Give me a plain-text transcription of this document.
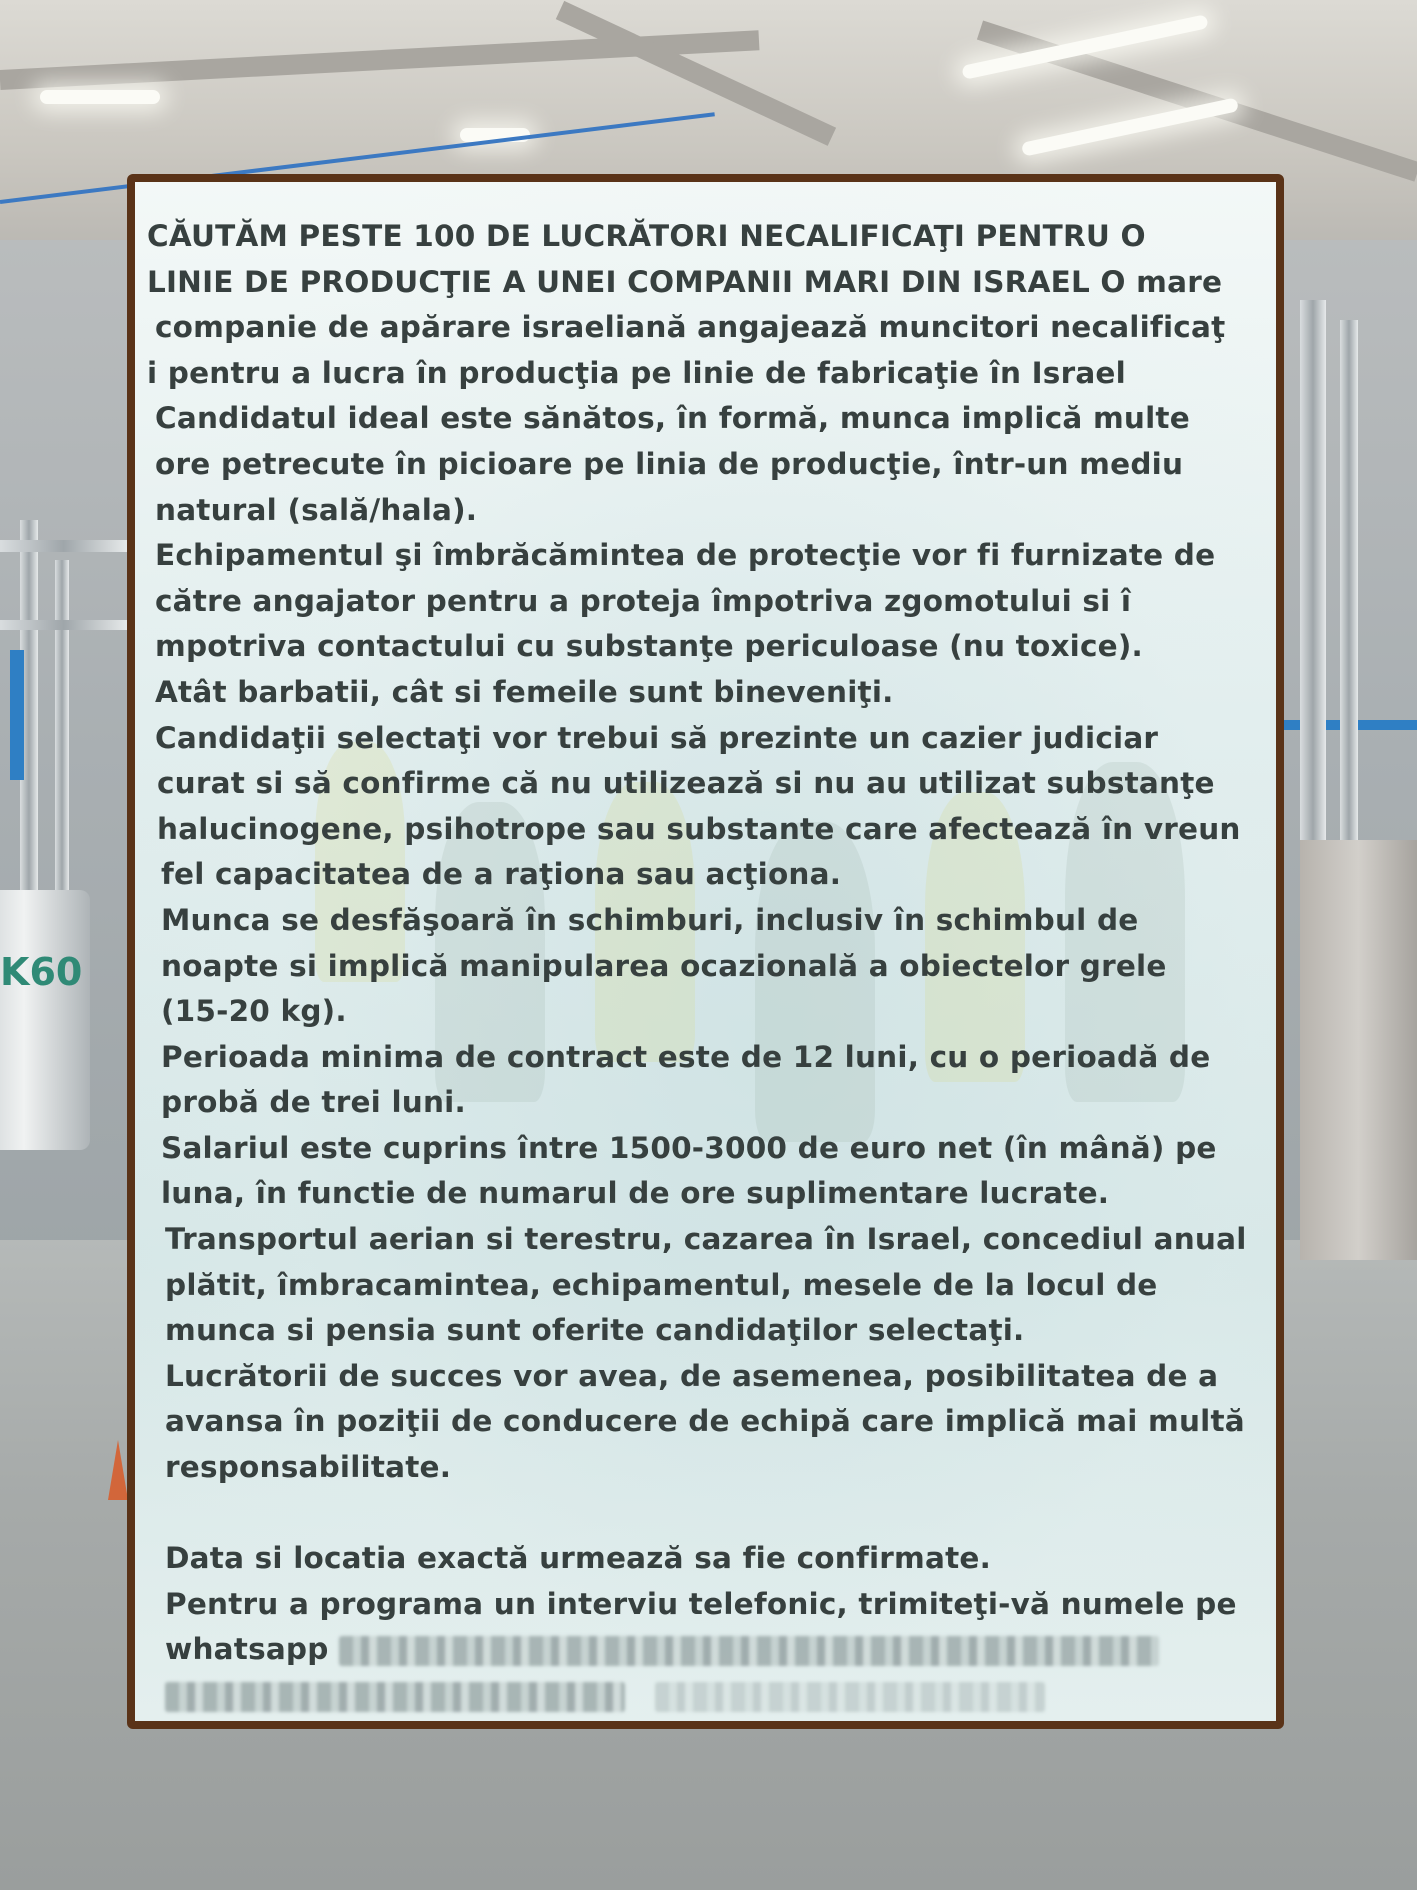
K60
CĂUTĂM PESTE 100 DE LUCRĂTORI NECALIFICAŢI PENTRU O
LINIE DE PRODUCŢIE A UNEI COMPANII MARI DIN ISRAEL O mare
companie de apărare israeliană angajează muncitori necalificaţ
i pentru a lucra în producţia pe linie de fabricaţie în Israel
Candidatul ideal este sănătos, în formă, munca implică multe
ore petrecute în picioare pe linia de producţie, într-un mediu
natural (sală/hala).
Echipamentul şi îmbrăcămintea de protecţie vor fi furnizate de
către angajator pentru a proteja împotriva zgomotului si î
mpotriva contactului cu substanţe periculoase (nu toxice).
Atât barbatii, cât si femeile sunt bineveniţi.
Candidaţii selectaţi vor trebui să prezinte un cazier judiciar
curat si să confirme că nu utilizează si nu au utilizat substanţe
halucinogene, psihotrope sau substante care afectează în vreun
fel capacitatea de a raţiona sau acţiona.
Munca se desfăşoară în schimburi, inclusiv în schimbul de
noapte si implică manipularea ocazională a obiectelor grele
(15-20 kg).
Perioada minima de contract este de 12 luni, cu o perioadă de
probă de trei luni.
Salariul este cuprins între 1500-3000 de euro net (în mână) pe
luna, în functie de numarul de ore suplimentare lucrate.
Transportul aerian si terestru, cazarea în Israel, concediul anual
plătit, îmbracamintea, echipamentul, mesele de la locul de
munca si pensia sunt oferite candidaţilor selectaţi.
Lucrătorii de succes vor avea, de asemenea, posibilitatea de a
avansa în poziţii de conducere de echipă care implică mai multă
responsabilitate.
Data si locatia exactă urmează sa fie confirmate.
Pentru a programa un interviu telefonic, trimiteţi-vă numele pe
whatsapp
